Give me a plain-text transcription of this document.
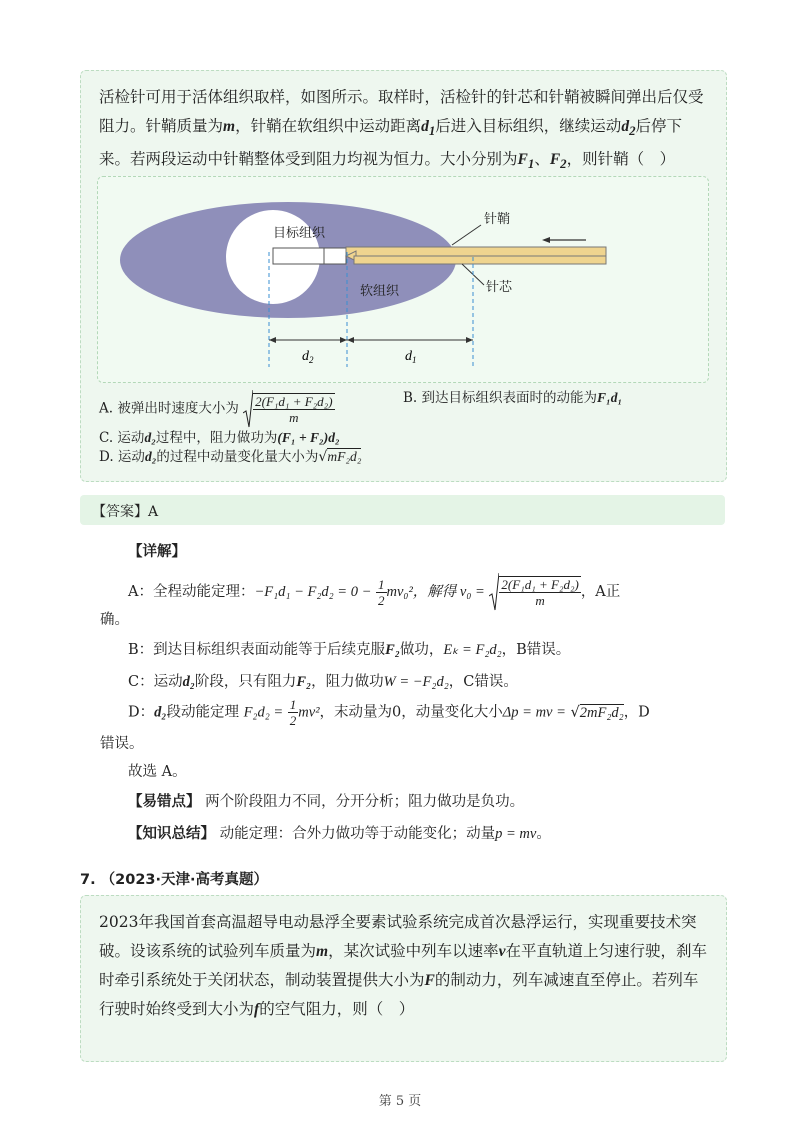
活检针可用于活体组织取样，如图所示。取样时，活检针的针芯和针鞘被瞬间弹出后仅受阻力。针鞘质量为m，针鞘在软组织中运动距离$d_1$后进入目标组织，继续运动$d_2$后停下来。若两段运动中针鞘整体受到阻力均视为恒力。大小分别为$F_1$、$F_2$，则针鞘（　）
目标组织
软组织
针鞘
针芯
$d_2$	$d_1$
A. 被弹出时速度大小为 $\frac{\text{2(F₁d₁ + F₂d₂)}}{m}$	B. 到达目标组织表面时的动能为F₁d₁
C. 运动d₂过程中，阻力做功为(F₁ + F₂)d₂
D. 运动d₂的过程中动量变化量大小为√mF₂d₂
【答案】A
【详解】
A：全程动能定理：$-F_1d_1 - F_2d_2 = 0 - \frac{1}{2} mv_0^2$，解得 $v_0 = \frac{\text{2(F₁d₁ + F₂d₂)}}{m}$ ，A正
确。
B：到达目标组织表面动能等于后续克服F₂做功，Eₖ = F₂d₂，B错误。
C：运动d₂阶段，只有阻力F₂，阻力做功W = −F₂d₂，C错误。
D：d₂段动能定理 $F_2d_2 = \frac{1}{2} mv^2$，末动量为0，动量变化大小Δp = mv = √2mF₂d₂，D
错误。
故选 A。
【易错点】 两个阶段阻力不同，分开分析；阻力做功是负功。
【知识总结】 动能定理：合外力做功等于动能变化；动量p = mv。
7. （2023·天津·高考真题）
2023年我国首套高温超导电动悬浮全要素试验系统完成首次悬浮运行，实现重要技术突破。设该系统的试验列车质量为m，某次试验中列车以速率v在平直轨道上匀速行驶，刹车时牵引系统处于关闭状态，制动装置提供大小为F的制动力，列车减速直至停止。若列车行驶时始终受到大小为f的空气阻力，则（　）
第 5 页
